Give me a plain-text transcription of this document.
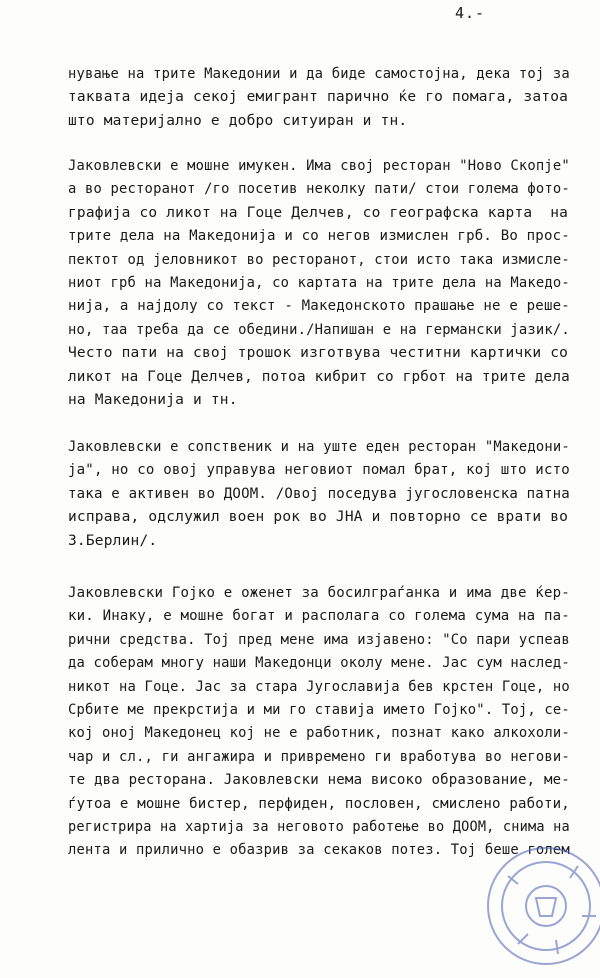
4.-
нување на трите Македонии и да биде самостојна, дека тој за
таквата идеја секој емигрант парично ќе го помага, затоа
што материјално е добро ситуиран и тн.
Јаковлевски е мошне имукен. Има свој ресторан "Ново Скопје"
а во ресторанот /го посетив неколку пати/ стои голема фото-
графија со ликот на Гоце Делчев, со географска карта  на
трите дела на Македонија и со негов измислен грб. Во прос-
пектот од јеловникот во ресторанот, стои исто така измисле-
ниот грб на Македонија, со картата на трите дела на Македо-
нија, а најдолу со текст - Македонското прашање не е решe-
но, таа треба да се обедини./Напишан е на германски јазик/.
Често пати на свој трошок изготвува честитни картички со
ликот на Гоце Делчев, потоа кибрит со грбот на трите дела
на Македонија и тн.
Јаковлевски е сопственик и на уште еден ресторан "Македони-
ја", но со овој управува неговиот помал брат, кој што исто
така е активен во ДООМ. /Овој поседува југословенска патна
исправа, одслужил воен рок во ЈНА и повторно се врати во
З.Берлин/.
Јаковлевски Гојко е оженет за босилграѓанка и има две ќер-
ки. Инаку, е мошне богат и располага со голема сума на па-
рични средства. Тој пред мене има изјавено: "Со пари успеав
да соберам многу наши Македонци околу мене. Јас сум наслед-
никот на Гоце. Јас за стара Југославија бев крстен Гоце, но
Србите ме прекрстија и ми го ставија името Гојко". Тој, се-
кој оној Македонец кој не е работник, познат како алкохоли-
чар и сл., ги ангажира и привремено ги вработува во негови-
те два ресторана. Јаковлевски нема високо образование, ме-
ѓутоа е мошне бистер, перфиден, пословен, смислено работи,
регистрира на хартија за неговото работење во ДООМ, снима на
лента и прилично е обазрив за секаков потез. Тој беше голем
